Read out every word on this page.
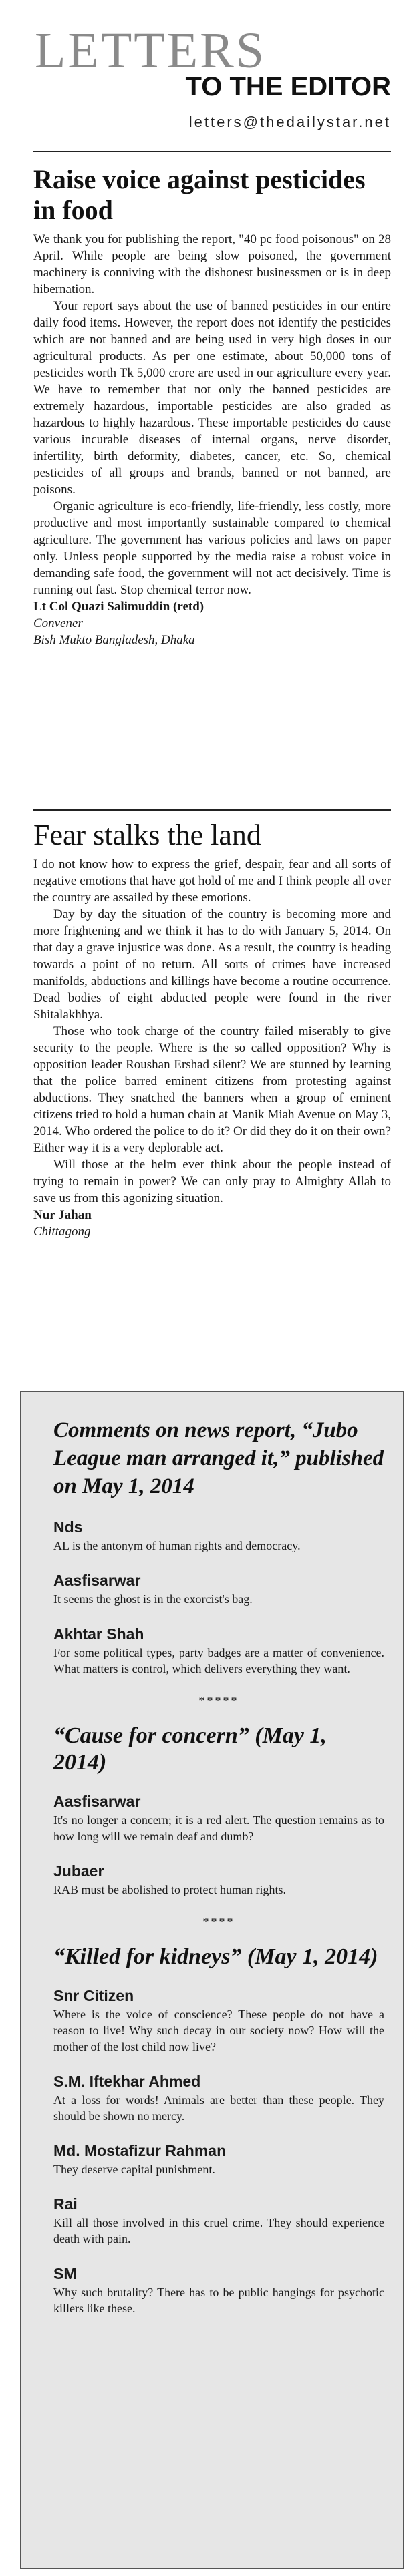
LETTERS
TO THE EDITOR
letters@thedailystar.net
Raise voice against pesticides in food

We thank you for publishing the report, "40 pc food poisonous" on 28 April. While people are being slow poisoned, the government machinery is conniving with the dishonest businessmen or is in deep hibernation.

Your report says about the use of banned pesticides in our entire daily food items. However, the report does not identify the pesticides which are not banned and are being used in very high doses in our agricultural products. As per one estimate, about 50,000 tons of pesticides worth Tk 5,000 crore are used in our agriculture every year. We have to remember that not only the banned pesticides are extremely hazardous, importable pesticides are also graded as hazardous to highly hazardous. These importable pesticides do cause various incurable diseases of internal organs, nerve disorder, infertility, birth deformity, diabetes, cancer, etc. So, chemical pesticides of all groups and brands, banned or not banned, are poisons.

Organic agriculture is eco-friendly, life-friendly, less costly, more productive and most importantly sustainable compared to chemical agriculture. The government has various policies and laws on paper only. Unless people supported by the media raise a robust voice in demanding safe food, the government will not act decisively. Time is running out fast. Stop chemical terror now.

Lt Col Quazi Salimuddin (retd)

Convener

Bish Mukto Bangladesh, Dhaka

Fear stalks the land

I do not know how to express the grief, despair, fear and all sorts of negative emotions that have got hold of me and I think people all over the country are assailed by these emotions.

Day by day the situation of the country is becoming more and more frightening and we think it has to do with January 5, 2014. On that day a grave injustice was done. As a result, the country is heading towards a point of no return. All sorts of crimes have increased manifolds, abductions and killings have become a routine occurrence. Dead bodies of eight abducted people were found in the river Shitalakhhya.

Those who took charge of the country failed miserably to give security to the people. Where is the so called opposition? Why is opposition leader Roushan Ershad silent? We are stunned by learning that the police barred eminent citizens from protesting against abductions. They snatched the banners when a group of eminent citizens tried to hold a human chain at Manik Miah Avenue on May 3, 2014. Who ordered the police to do it? Or did they do it on their own? Either way it is a very deplorable act.

Will those at the helm ever think about the people instead of trying to remain in power? We can only pray to Almighty Allah to save us from this agonizing situation.

Nur Jahan

Chittagong

Comments on news report, “Jubo League man arranged it,” published on May 1, 2014

Nds

AL is the antonym of human rights and democracy.

Aasfisarwar

It seems the ghost is in the exorcist's bag.

Akhtar Shah

For some political types, party badges are a matter of convenience. What matters is control, which delivers everything they want.

*****
“Cause for concern” (May 1, 2014)

Aasfisarwar

It's no longer a concern; it is a red alert. The question remains as to how long will we remain deaf and dumb?

Jubaer

RAB must be abolished to protect human rights.

****
“Killed for kidneys” (May 1, 2014)

Snr Citizen

Where is the voice of conscience? These people do not have a reason to live! Why such decay in our society now? How will the mother of the lost child now live?

S.M. Iftekhar Ahmed

At a loss for words! Animals are better than these people. They should be shown no mercy.

Md. Mostafizur Rahman

They deserve capital punishment.

Rai

Kill all those involved in this cruel crime. They should experience death with pain.

SM

Why such brutality? There has to be public hangings for psychotic killers like these.
